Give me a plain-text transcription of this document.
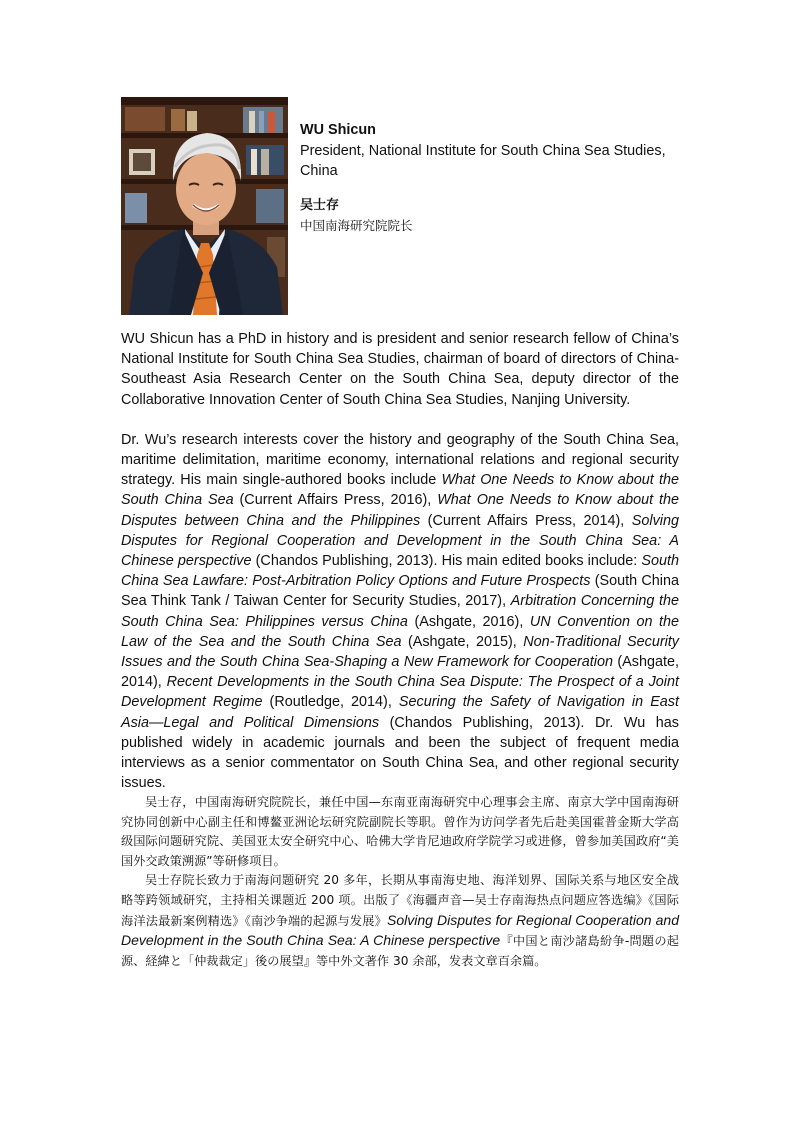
WU Shicun
President, National Institute for South China Sea Studies, China
吴士存
中国南海研究院院长

WU Shicun has a PhD in history and is president and senior research fellow of China’s National Institute for South China Sea Studies, chairman of board of directors of China-Southeast Asia Research Center on the South China Sea, deputy director of the Collaborative Innovation Center of South China Sea Studies, Nanjing University.

Dr. Wu’s research interests cover the history and geography of the South China Sea, maritime delimitation, maritime economy, international relations and regional security strategy. His main single-authored books include What One Needs to Know about the South China Sea (Current Affairs Press, 2016), What One Needs to Know about the Disputes between China and the Philippines (Current Affairs Press, 2014), Solving Disputes for Regional Cooperation and Development in the South China Sea: A Chinese perspective (Chandos Publishing, 2013). His main edited books include: South China Sea Lawfare: Post-Arbitration Policy Options and Future Prospects (South China Sea Think Tank / Taiwan Center for Security Studies, 2017), Arbitration Concerning the South China Sea: Philippines versus China (Ashgate, 2016), UN Convention on the Law of the Sea and the South China Sea (Ashgate, 2015), Non-Traditional Security Issues and the South China Sea-Shaping a New Framework for Cooperation (Ashgate, 2014), Recent Developments in the South China Sea Dispute: The Prospect of a Joint Development Regime (Routledge, 2014), Securing the Safety of Navigation in East Asia—Legal and Political Dimensions (Chandos Publishing, 2013). Dr. Wu has published widely in academic journals and been the subject of frequent media interviews as a senior commentator on South China Sea, and other regional security issues.

吴士存，中国南海研究院院长，兼任中国—东南亚南海研究中心理事会主席、南京大学中国南海研究协同创新中心副主任和博鳌亚洲论坛研究院副院长等职。曾作为访问学者先后赴美国霍普金斯大学高级国际问题研究院、美国亚太安全研究中心、哈佛大学肯尼迪政府学院学习或进修，曾参加美国政府“美国外交政策溯源”等研修项目。

吴士存院长致力于南海问题研究 20 多年，长期从事南海史地、海洋划界、国际关系与地区安全战略等跨领域研究，主持相关课题近 200 项。出版了《海疆声音—吴士存南海热点问题应答选编》《国际海洋法最新案例精选》《南沙争端的起源与发展》Solving Disputes for Regional Cooperation and Development in the South China Sea: A Chinese perspective『中国と南沙諸島紛争-問題の起源、経緯と「仲裁裁定」後の展望』等中外文著作 30 余部，发表文章百余篇。
